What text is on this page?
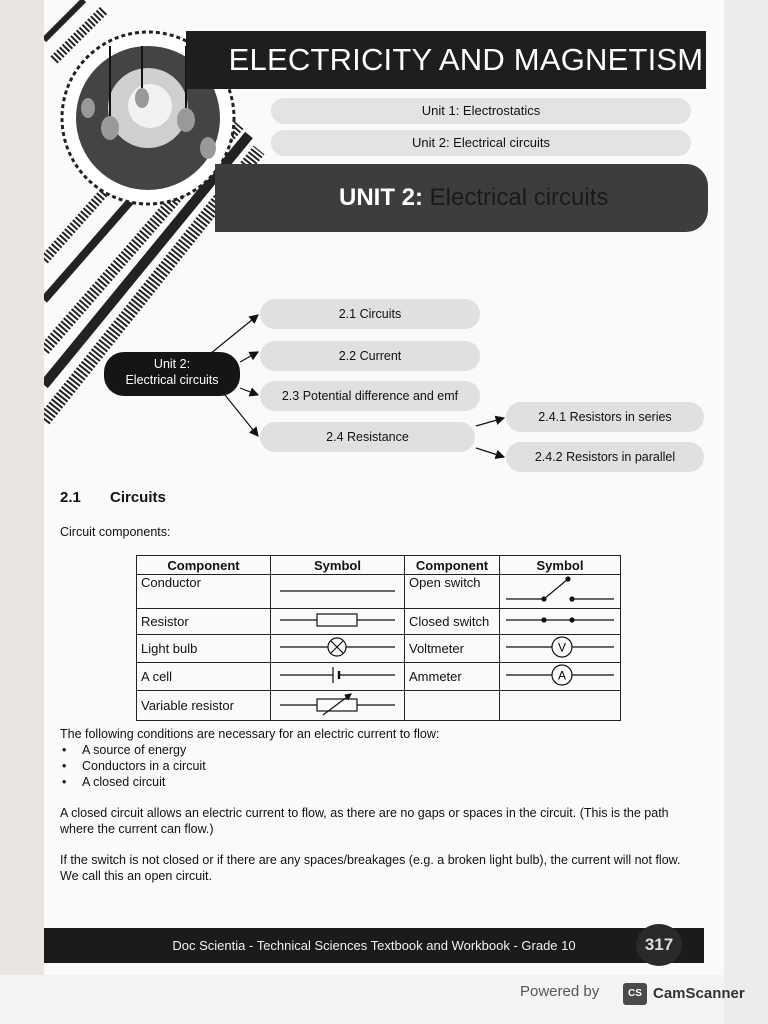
ELECTRICITY AND MAGNETISM
Unit 1: Electrostatics
Unit 2: Electrical circuits
UNIT 2: Electrical circuits
Unit 2:
Electrical circuits
2.1 Circuits
2.2 Current
2.3 Potential difference and emf
2.4 Resistance
2.4.1 Resistors in series
2.4.2 Resistors in parallel
2.1 Circuits
Circuit components:
Component	Symbol	Component	Symbol
Conductor		Open switch	
Resistor		Closed switch	
Light bulb		Voltmeter	V

A cell		Ammeter	A

Variable resistor			
The following conditions are necessary for an electric current to flow:
• A source of energy
• Conductors in a circuit
• A closed circuit
A closed circuit allows an electric current to flow, as there are no gaps or spaces in the circuit. (This is the path where the current can flow.)
If the switch is not closed or if there are any spaces/breakages (e.g. a broken light bulb), the current will not flow. We call this an open circuit.
Doc Scientia - Technical Sciences Textbook and Workbook - Grade 10	317
Powered by	CS CamScanner
